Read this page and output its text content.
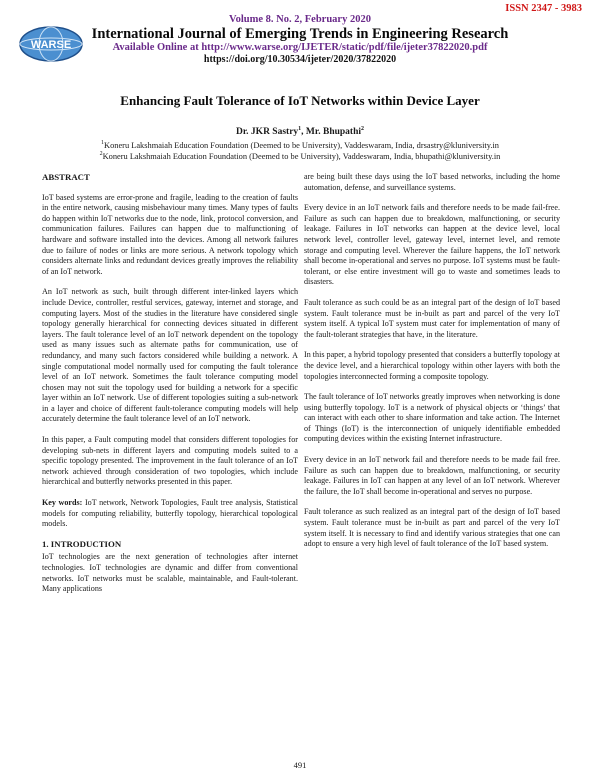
ISSN 2347 - 3983
WARSE
Volume 8. No. 2, February 2020
International Journal of Emerging Trends in Engineering Research
Available Online at http://www.warse.org/IJETER/static/pdf/file/ijeter37822020.pdf
https://doi.org/10.30534/ijeter/2020/37822020
Enhancing Fault Tolerance of IoT Networks within Device Layer
Dr. JKR Sastry$^1$, Mr. Bhupathi$^2$
$^1$Koneru Lakshmaiah Education Foundation (Deemed to be University), Vaddeswaram, India, drsastry@kluniversity.in
$^2$Koneru Lakshmaiah Education Foundation (Deemed to be University), Vaddeswaram, India, bhupathi@kluniversity.in
ABSTRACT

IoT based systems are error-prone and fragile, leading to the creation of faults in the entire network, causing misbehaviour many times. Many types of faults do happen within IoT networks due to the node, link, protocol conversion, and communication failures. Failures can happen due to malfunctioning of hardware and software installed into the devices. Among all network failures due to failure of nodes or links are more serious. A network topology which considers alternate links and redundant devices greatly improves the reliability of an IoT network.

An IoT network as such, built through different inter-linked layers which include Device, controller, restful services, gateway, internet and storage, and computing layers. Most of the studies in the literature have considered single topology generally hierarchical for connecting devices situated in different layers. The fault tolerance level of an IoT network dependent on the topology used as many issues such as alternate paths for communication, use of redundancy, and many such factors considered while building a network. A single computational model normally used for computing the fault tolerance level of an IoT network. Sometimes the fault tolerance computing model chosen may not suit the topology used for building a network for a specific layer within an IoT network. Use of different topologies suiting a sub-network in a layer and choice of different fault-tolerance computing models will help accurately determine the fault tolerance level of an IoT network.

In this paper, a Fault computing model that considers different topologies for developing sub-nets in different layers and computing models suited to a specific topology presented. The improvement in the fault tolerance of an IoT network achieved through consideration of two topologies, which include hierarchical and butterfly networks presented in this paper.

Key words: IoT network, Network Topologies, Fault tree analysis, Statistical models for computing reliability, butterfly topology, hierarchical topological models.

1. INTRODUCTION

IoT technologies are the next generation of technologies after internet technologies. IoT technologies are dynamic and differ from conventional networks. IoT networks must be scalable, maintainable, and Fault-tolerant. Many applications

are being built these days using the IoT based networks, including the home automation, defense, and surveillance systems.

Every device in an IoT network fails and therefore needs to be made fail-free. Failure as such can happen due to breakdown, malfunctioning, or security leakage. Failures in IoT networks can happen at the device level, local network level, controller level, gateway level, internet level, and remote storage and computing level. Wherever the failure happens, the IoT network shall become in-operational and serves no purpose. IoT systems must be fault-tolerant, or else entire investment will go to waste and sometimes leads to disasters.

Fault tolerance as such could be as an integral part of the design of IoT based system. Fault tolerance must be in-built as part and parcel of the very IoT system itself. A typical IoT system must cater for implementation of many of the fault-tolerant strategies that have, in the literature.

In this paper, a hybrid topology presented that considers a butterfly topology at the device level, and a hierarchical topology within other layers with both the topologies interconnected forming a composite topology.

The fault tolerance of IoT networks greatly improves when networking is done using butterfly topology. IoT is a network of physical objects or ‘things’ that can interact with each other to share information and take action. The Internet of Things (IoT) is the interconnection of uniquely identifiable embedded computing devices within the existing Internet infrastructure.

Every device in an IoT network fail and therefore needs to be made fail free. Failure as such can happen due to breakdown, malfunctioning, or security leakage. Failures in IoT can happen at any level of an IoT network. Wherever the failure, the IoT shall become in-operational and serves no purpose.

Fault tolerance as such realized as an integral part of the design of IoT based system. Fault tolerance must be in-built as part and parcel of the very IoT system itself. It is necessary to find and identify various strategies that one can adopt to ensure a very high level of fault tolerance of the IoT based system.

491
